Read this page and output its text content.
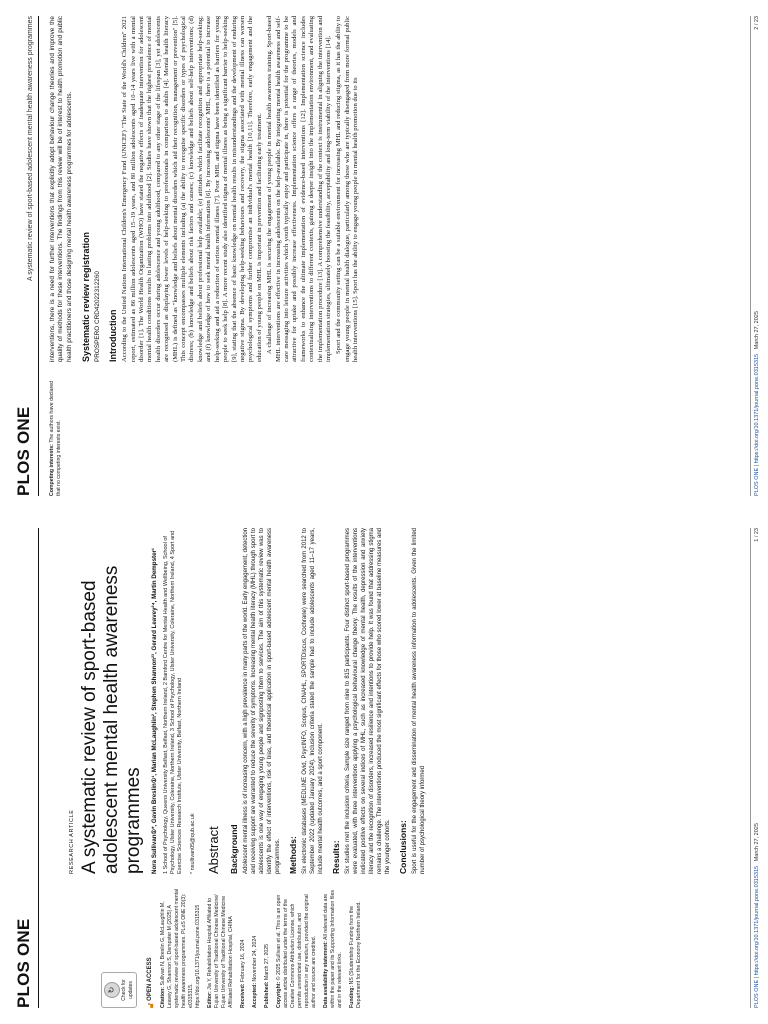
PLOS ONE	↻ Check for updates
🔓︎
OPEN ACCESS Citation: Sullivan N, Breslin G, McLaughlin M, Leavey G, Shannon S, Dempster M (2025) A systematic review of sport-based adolescent mental health awareness programmes. PLoS ONE 20(3): e0315315. https://doi.org/10.1371/journal.pone.0315315 Editor: Jia Y, Rehabilitation Hospital Affiliated to Fujian University of Traditional Chinese Medicine/ Fujian University of Traditional Chinese Medicine Affiliated Rehabilitation Hospital, CHINA Received: February 16, 2024

Accepted: November 24, 2024

Published: March 27, 2025

Copyright: © 2025 Sullivan et al. This is an open access article distributed under the terms of the Creative Commons Attribution License, which permits unrestricted use, distribution, and reproduction in any medium, provided the original author and source are credited. Data availability statement: All relevant data are within the paper and its Supporting Information files and in the relevant links. Funding: NS (Studentship Funding from the Department for the Economy Northern Ireland.

RESEARCH ARTICLE A systematic review of sport-based adolescent mental health awareness programmes Nora Sullivan①*, Gavin Breslin①¹, Marian McLaughlin², Stephen Shannon²³, Gerard Leavey²⁴, Martin Dempster¹ 1 School of Psychology, Queens University Belfast, Belfast, Northern Ireland, 2 Bamford Centre for Mental Health and Wellbeing, School of Psychology, Ulster University, Coleraine, Northern Ireland, 3 School of Psychology, Ulster University, Coleraine, Northern Ireland, 4 Sport and Exercise Sciences Research Institute, Ulster University, Belfast, Northern Ireland * nsullivan05@qub.ac.uk Abstract Background Adolescent mental illness is of increasing concern, with a high prevalence in many parts of the world. Early engagement, detection and receiving support are warranted to reduce the severity of symptoms. Increasing mental health literacy (MHL) through sport to adolescents is one way of engaging young people and signposting them to services. The aim of this systematic review was to identify the effect of interventions, risk of bias, and theoretical application in sport-based adolescent mental health awareness programmes. Methods: Six electronic databases (MEDLINE Ovid, PsycINFO, Scopus, CINAHL, SPORTDiscus, Cochrane) were searched from 2012 to September 2022 (updated January 2024). Inclusion criteria stated the sample had to include adolescents aged 11–17 years, include mental health outcomes, and a sport component. Results: Six studies met the inclusion criteria. Sample size ranged from nine to 815 participants. Four distinct sport-based programmes were evaluated, with three interventions applying a psychological behavioural change theory. The results of the interventions indicated positive effects on several indices of MHL, such as increased knowledge of mental health, depression and anxiety literacy and the recognition of disorders, increased resilience and intentions to provide help. It was found that addressing stigma remains a challenge. The interventions produced the most significant effects for those who scored lower at baseline measures and the younger cohorts. Conclusions: Sport is useful for the engagement and dissemination of mental health awareness information to adolescents. Given the limited number of psychological theory informed

PLOS ONE | https://doi.org/10.1371/journal.pone.0315315   March 27, 2025
1 / 23
PLOS ONE
A systematic review of sport-based adolescent mental health awareness programmes

Competing interests: The authors have declared that no competing interests exist.

interventions, there is a need for further interventions that explicitly adopt behaviour change theories and improve the quality of methods for these interventions. The findings from this review will be of interest to health promotion and public health practitioners and those designing mental health awareness programmes for adolescents. Systematic review registration PROSPERO CRD42022312260 Introduction According to the United Nations International Children's Emergency Fund (UNICEF) "The State of the World's Children" 2021 report, estimated as 86 million adolescents aged 15–19 years, and 80 million adolescents aged 10–14 years live with a mental disorder [1]. The World Health Organization (WHO) have stated the negative effects of inadequate intervention for adolescent mental health conditions results in lasting problems into adulthood [2]. Studies have shown that the highest prevalence of mental health disorders occur during adolescence and young adulthood, compared to any other stage of the lifespan [3], yet adolescents are recognised as displaying lower levels of help-seeking to professionals in comparison to adults [4]. Mental health literacy (MHL) is defined as "knowledge and beliefs about mental disorders which aid their recognition, management or prevention" [5]. This concept encompasses multiple elements including (a) the ability to recognise specific disorders or types of psychological distress; (b) knowledge and beliefs about risk factors and causes; (c) knowledge and beliefs about self-help interventions; (d) knowledge and beliefs about professional help available; (e) attitudes which facilitate recognition and appropriate help-seeking; and (f) knowledge of how to seek mental health information [6]. By increasing adolescents' MHL, there is a potential to increase help-seeking and aid a reduction of serious mental illness [7]. Poor MHL and stigma have been identified as barriers for young people to seek help [8]. A more recent study also identified stigma of mental illness as being a significant barrier to help-seeking [9], stating that the absence of basic knowledge on mental health results in misunderstandings and the development of enduring negative stigma. By developing help-seeking behaviours and recovery, the stigma associated with mental illness can worsen psychological symptoms and further compromise an individual's mental health [10,11]. Therefore, early engagement and the education of young people on MHL is important in prevention and facilitating early treatment. A challenge of increasing MHL is securing the engagement of young people in mental health awareness training. Sport-based MHL interventions are effective in increasing adolescents on the help-available. By integrating mental health awareness and self-care messaging into leisure activities which youth typically enjoy and participate in, there is potential for the programme to be attractive for uptake and possibly increase effectiveness. Implementation science offers a range of theories, models and frameworks to enhance the ultimate implementation of evidence-based interventions [12]. Implementation science includes contextualising interventions to different contexts, gaining a deeper insight into the implementation environment, and evaluating the implementation procedure [13]. A comprehensive understanding of the context is instrumental in aligning the intervention and implementation strategies, ultimately boosting the feasibility, acceptability and long-term viability of the interventions [14]. Sport and the community setting can be a suitable environment for increasing MHL and reducing stigma, as it has the ability to engage young people in mental health dialogue, particularly among those who are typically disengaged from more formal public health interventions [15]. Sport has the ability to engage young people in mental health promotion due to its

PLOS ONE | https://doi.org/10.1371/journal.pone.0315315   March 27, 2025
2 / 23
